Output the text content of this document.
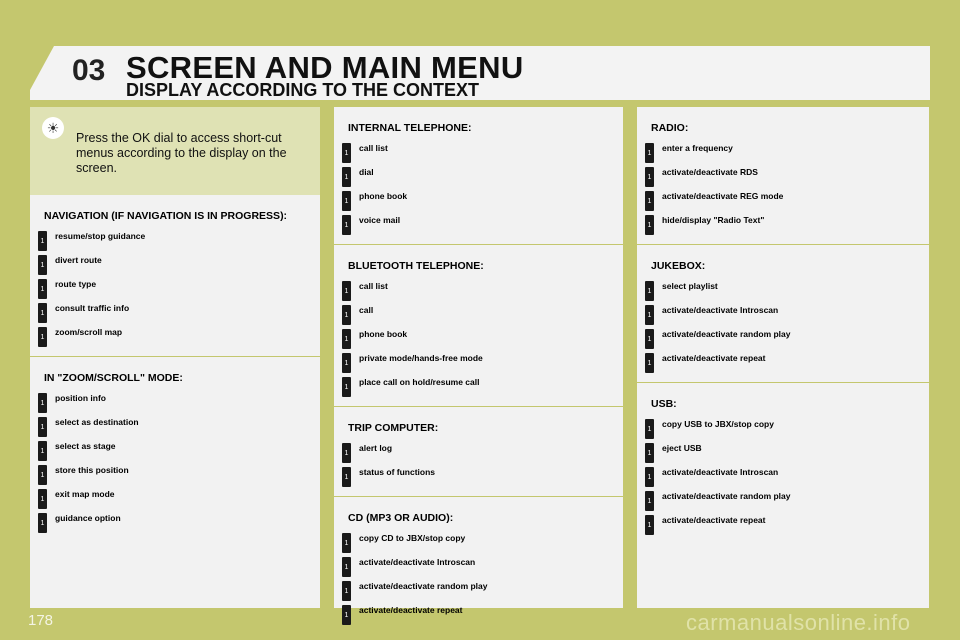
03 SCREEN AND MAIN MENU
DISPLAY ACCORDING TO THE CONTEXT
☀
Press the OK dial to access short-cut menus according to the display on the screen.
NAVIGATION (IF NAVIGATION IS IN PROGRESS):
1 resume/stop guidance
1 divert route
1 route type
1 consult traffic info
1 zoom/scroll map
IN "ZOOM/SCROLL" MODE:
1 position info
1 select as destination
1 select as stage
1 store this position
1 exit map mode
1 guidance option
INTERNAL TELEPHONE:
1 call list
1 dial
1 phone book
1 voice mail
BLUETOOTH TELEPHONE:
1 call list
1 call
1 phone book
1 private mode/hands-free mode
1 place call on hold/resume call
TRIP COMPUTER:
1 alert log
1 status of functions
CD (MP3 OR AUDIO):
1 copy CD to JBX/stop copy
1 activate/deactivate Introscan
1 activate/deactivate random play
1 activate/deactivate repeat
RADIO:
1 enter a frequency
1 activate/deactivate RDS
1 activate/deactivate REG mode
1 hide/display "Radio Text"
JUKEBOX:
1 select playlist
1 activate/deactivate Introscan
1 activate/deactivate random play
1 activate/deactivate repeat
USB:
1 copy USB to JBX/stop copy
1 eject USB
1 activate/deactivate Introscan
1 activate/deactivate random play
1 activate/deactivate repeat
178	carmanualsonline.info
